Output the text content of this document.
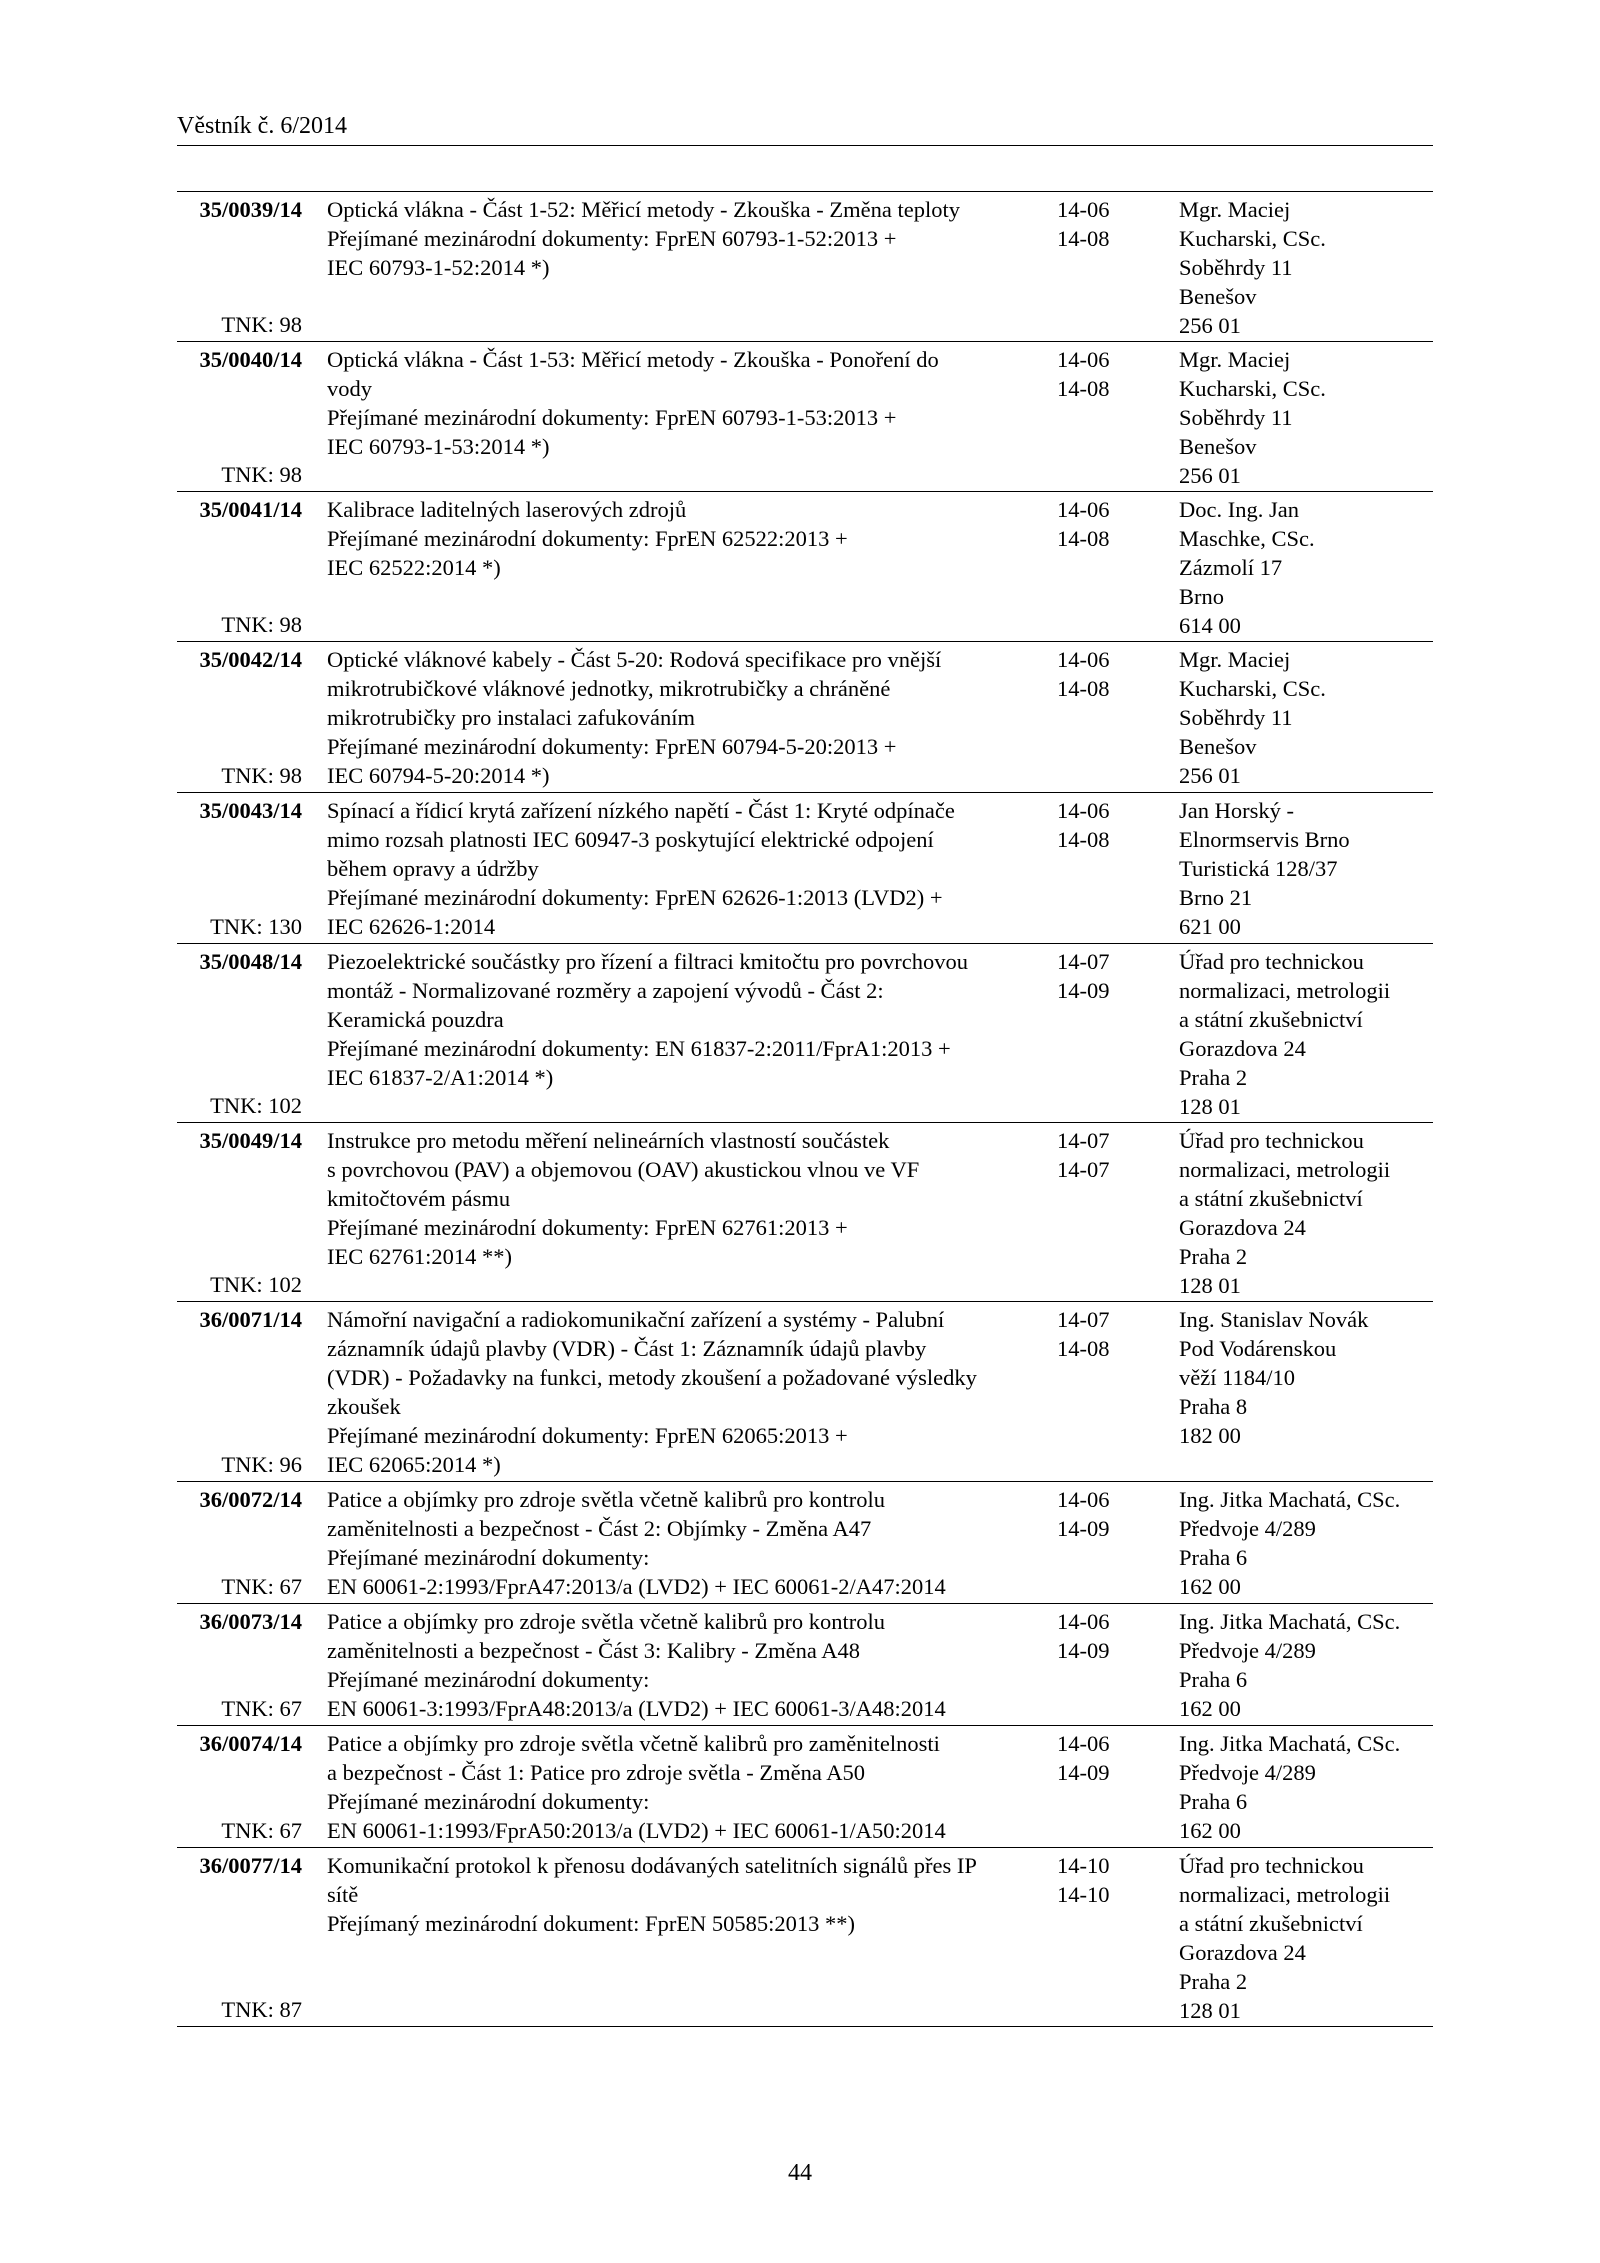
Věstník č. 6/2014
35/0039/14
TNK: 98
Optická vlákna - Část 1-52: Měřicí metody - Zkouška - Změna teploty
Přejímané mezinárodní dokumenty: FprEN 60793-1-52:2013 +
IEC 60793-1-52:2014 *)
14-06
14-08
Mgr. Maciej
Kucharski, CSc.
Soběhrdy 11
Benešov
256 01
35/0040/14
TNK: 98
Optická vlákna - Část 1-53: Měřicí metody - Zkouška - Ponoření do
vody
Přejímané mezinárodní dokumenty: FprEN 60793-1-53:2013 +
IEC 60793-1-53:2014 *)
14-06
14-08
Mgr. Maciej
Kucharski, CSc.
Soběhrdy 11
Benešov
256 01
35/0041/14
TNK: 98
Kalibrace laditelných laserových zdrojů
Přejímané mezinárodní dokumenty: FprEN 62522:2013 +
IEC 62522:2014 *)
14-06
14-08
Doc. Ing. Jan
Maschke, CSc.
Zázmolí 17
Brno
614 00
35/0042/14
TNK: 98
Optické vláknové kabely - Část 5-20: Rodová specifikace pro vnější
mikrotrubičkové vláknové jednotky, mikrotrubičky a chráněné
mikrotrubičky pro instalaci zafukováním
Přejímané mezinárodní dokumenty: FprEN 60794-5-20:2013 +
IEC 60794-5-20:2014 *)
14-06
14-08
Mgr. Maciej
Kucharski, CSc.
Soběhrdy 11
Benešov
256 01
35/0043/14
TNK: 130
Spínací a řídicí krytá zařízení nízkého napětí - Část 1: Kryté odpínače
mimo rozsah platnosti IEC 60947-3 poskytující elektrické odpojení
během opravy a údržby
Přejímané mezinárodní dokumenty: FprEN 62626-1:2013 (LVD2) +
IEC 62626-1:2014
14-06
14-08
Jan Horský -
Elnormservis Brno
Turistická 128/37
Brno 21
621 00
35/0048/14
TNK: 102
Piezoelektrické součástky pro řízení a filtraci kmitočtu pro povrchovou
montáž - Normalizované rozměry a zapojení vývodů - Část 2:
Keramická pouzdra
Přejímané mezinárodní dokumenty: EN 61837-2:2011/FprA1:2013 +
IEC 61837-2/A1:2014 *)
14-07
14-09
Úřad pro technickou
normalizaci, metrologii
a státní zkušebnictví
Gorazdova 24
Praha 2
128 01
35/0049/14
TNK: 102
Instrukce pro metodu měření nelineárních vlastností součástek
s povrchovou (PAV) a objemovou (OAV) akustickou vlnou ve VF
kmitočtovém pásmu
Přejímané mezinárodní dokumenty: FprEN 62761:2013 +
IEC 62761:2014 **)
14-07
14-07
Úřad pro technickou
normalizaci, metrologii
a státní zkušebnictví
Gorazdova 24
Praha 2
128 01
36/0071/14
TNK: 96
Námořní navigační a radiokomunikační zařízení a systémy - Palubní
záznamník údajů plavby (VDR) - Část 1: Záznamník údajů plavby
(VDR) - Požadavky na funkci, metody zkoušení a požadované výsledky
zkoušek
Přejímané mezinárodní dokumenty: FprEN 62065:2013 +
IEC 62065:2014 *)
14-07
14-08
Ing. Stanislav Novák
Pod Vodárenskou
věží 1184/10
Praha 8
182 00
36/0072/14
TNK: 67
Patice a objímky pro zdroje světla včetně kalibrů pro kontrolu
zaměnitelnosti a bezpečnost - Část 2: Objímky - Změna A47
Přejímané mezinárodní dokumenty:
EN 60061-2:1993/FprA47:2013/a (LVD2) + IEC 60061-2/A47:2014
14-06
14-09
Ing. Jitka Machatá, CSc.
Předvoje 4/289
Praha 6
162 00
36/0073/14
TNK: 67
Patice a objímky pro zdroje světla včetně kalibrů pro kontrolu
zaměnitelnosti a bezpečnost - Část 3: Kalibry - Změna A48
Přejímané mezinárodní dokumenty:
EN 60061-3:1993/FprA48:2013/a (LVD2) + IEC 60061-3/A48:2014
14-06
14-09
Ing. Jitka Machatá, CSc.
Předvoje 4/289
Praha 6
162 00
36/0074/14
TNK: 67
Patice a objímky pro zdroje světla včetně kalibrů pro zaměnitelnosti
a bezpečnost - Část 1: Patice pro zdroje světla - Změna A50
Přejímané mezinárodní dokumenty:
EN 60061-1:1993/FprA50:2013/a (LVD2) + IEC 60061-1/A50:2014
14-06
14-09
Ing. Jitka Machatá, CSc.
Předvoje 4/289
Praha 6
162 00
36/0077/14
TNK: 87
Komunikační protokol k přenosu dodávaných satelitních signálů přes IP
sítě
Přejímaný mezinárodní dokument: FprEN 50585:2013 **)
14-10
14-10
Úřad pro technickou
normalizaci, metrologii
a státní zkušebnictví
Gorazdova 24
Praha 2
128 01
44
